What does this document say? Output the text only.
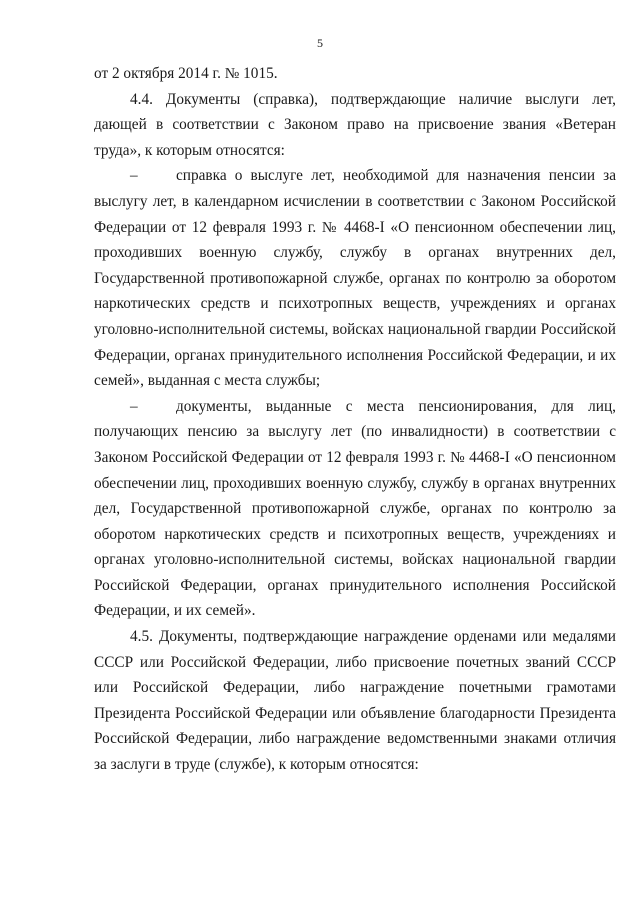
5

от 2 октября 2014 г. № 1015.

4.4. Документы (справка), подтверждающие наличие выслуги лет, дающей в соответствии с Законом право на присвоение звания «Ветеран труда», к которым относятся:

–	справка о выслуге лет, необходимой для назначения пенсии за выслугу лет, в календарном исчислении в соответствии с Законом Российской Федерации от 12 февраля 1993 г. № 4468-I «О пенсионном обеспечении лиц, проходивших военную службу, службу в органах внутренних дел, Государственной противопожарной службе, органах по контролю за оборотом наркотических средств и психотропных веществ, учреждениях и органах уголовно-исполнительной системы, войсках национальной гвардии Российской Федерации, органах принудительного исполнения Российской Федерации, и их семей», выданная с места службы;

–	документы, выданные с места пенсионирования, для лиц, получающих пенсию за выслугу лет (по инвалидности) в соответствии с Законом Российской Федерации от 12 февраля 1993 г. № 4468-I «О пенсионном обеспечении лиц, проходивших военную службу, службу в органах внутренних дел, Государственной противопожарной службе, органах по контролю за оборотом наркотических средств и психотропных веществ, учреждениях и органах уголовно-исполнительной системы, войсках национальной гвардии Российской Федерации, органах принудительного исполнения Российской Федерации, и их семей».

4.5. Документы, подтверждающие награждение орденами или медалями СССР или Российской Федерации, либо присвоение почетных званий СССР или Российской Федерации, либо награждение почетными грамотами Президента Российской Федерации или объявление благодарности Президента Российской Федерации, либо награждение ведомственными знаками отличия за заслуги в труде (службе), к которым относятся:
